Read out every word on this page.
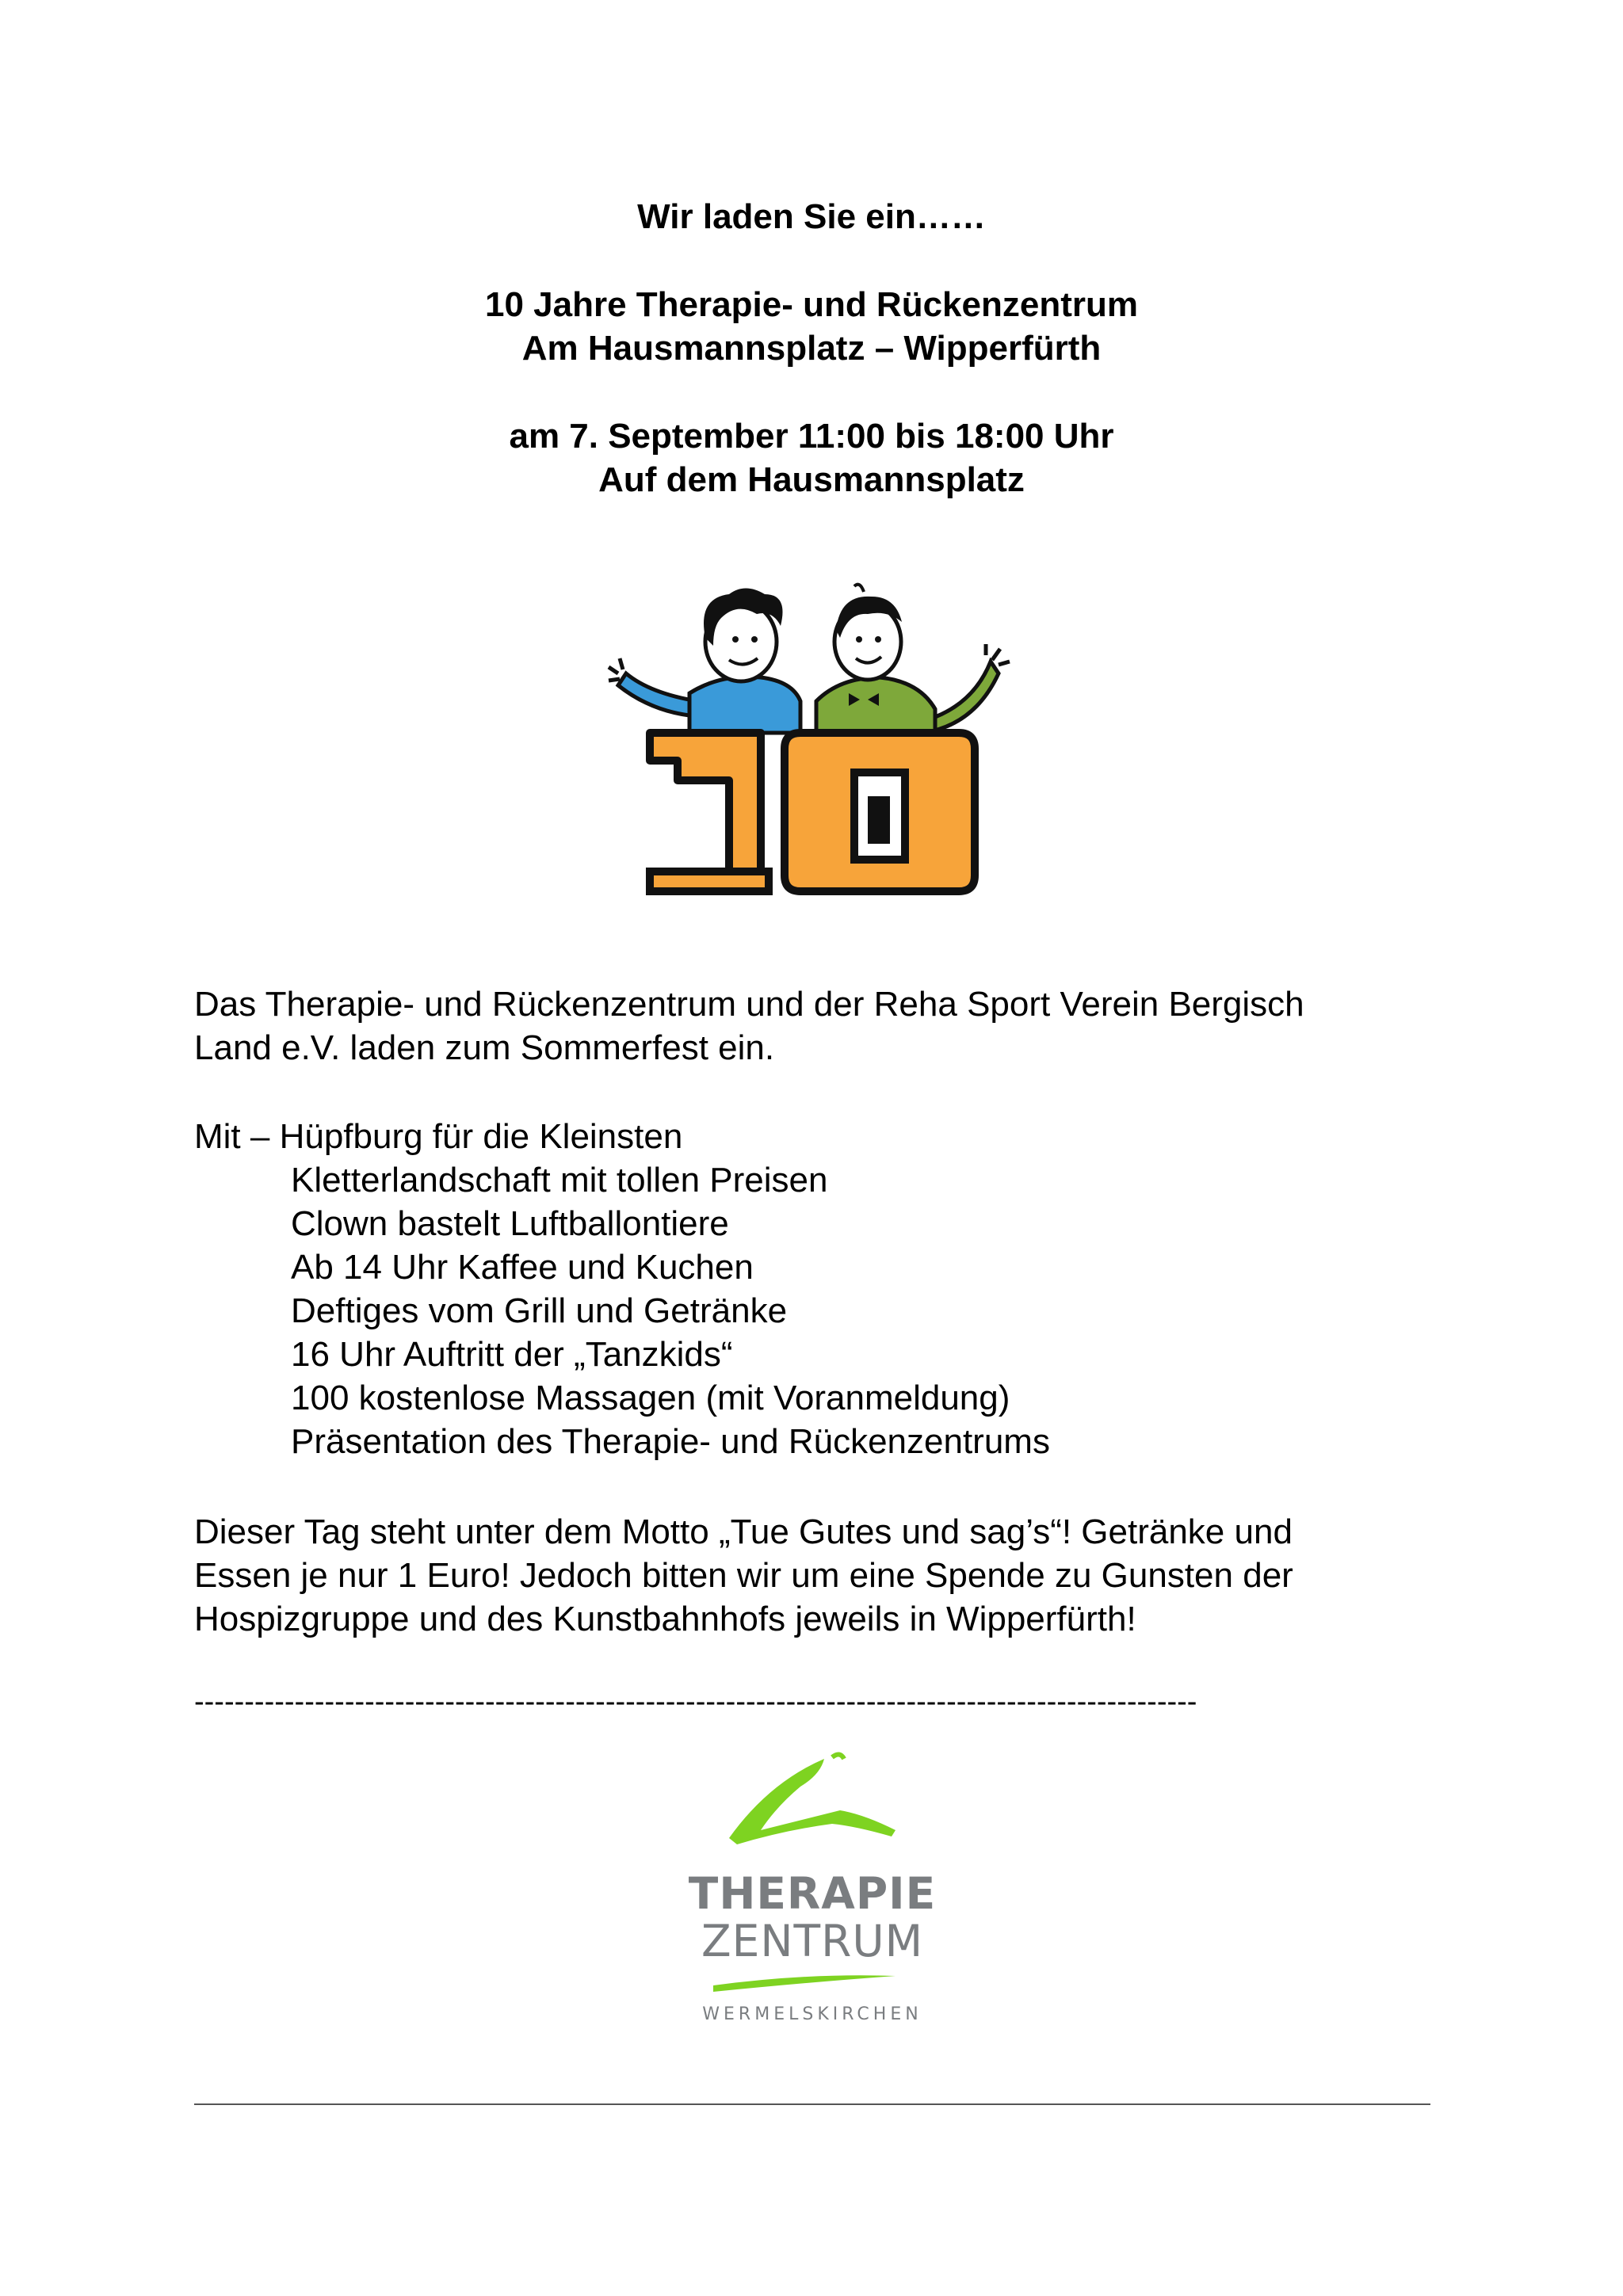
Wir laden Sie ein……

10 Jahre Therapie- und Rückenzentrum

Am Hausmannsplatz – Wipperfürth

am 7. September 11:00 bis 18:00 Uhr

Auf dem Hausmannsplatz

Das Therapie- und Rückenzentrum und der Reha Sport Verein Bergisch

Land e.V. laden zum Sommerfest ein.

Mit – Hüpfburg für die Kleinsten

Kletterlandschaft mit tollen Preisen

Clown bastelt Luftballontiere

Ab 14 Uhr Kaffee und Kuchen

Deftiges vom Grill und Getränke

16 Uhr Auftritt der „Tanzkids“

100 kostenlose Massagen (mit Voranmeldung)

Präsentation des Therapie- und Rückenzentrums

Dieser Tag steht unter dem Motto „Tue Gutes und sag’s“! Getränke und

Essen je nur 1 Euro! Jedoch bitten wir um eine Spende zu Gunsten der

Hospizgruppe und des Kunstbahnhofs jeweils in Wipperfürth!

----------------------------------------------------------------------------------------------------

THERAPIE

ZENTRUM

WERMELSKIRCHEN
